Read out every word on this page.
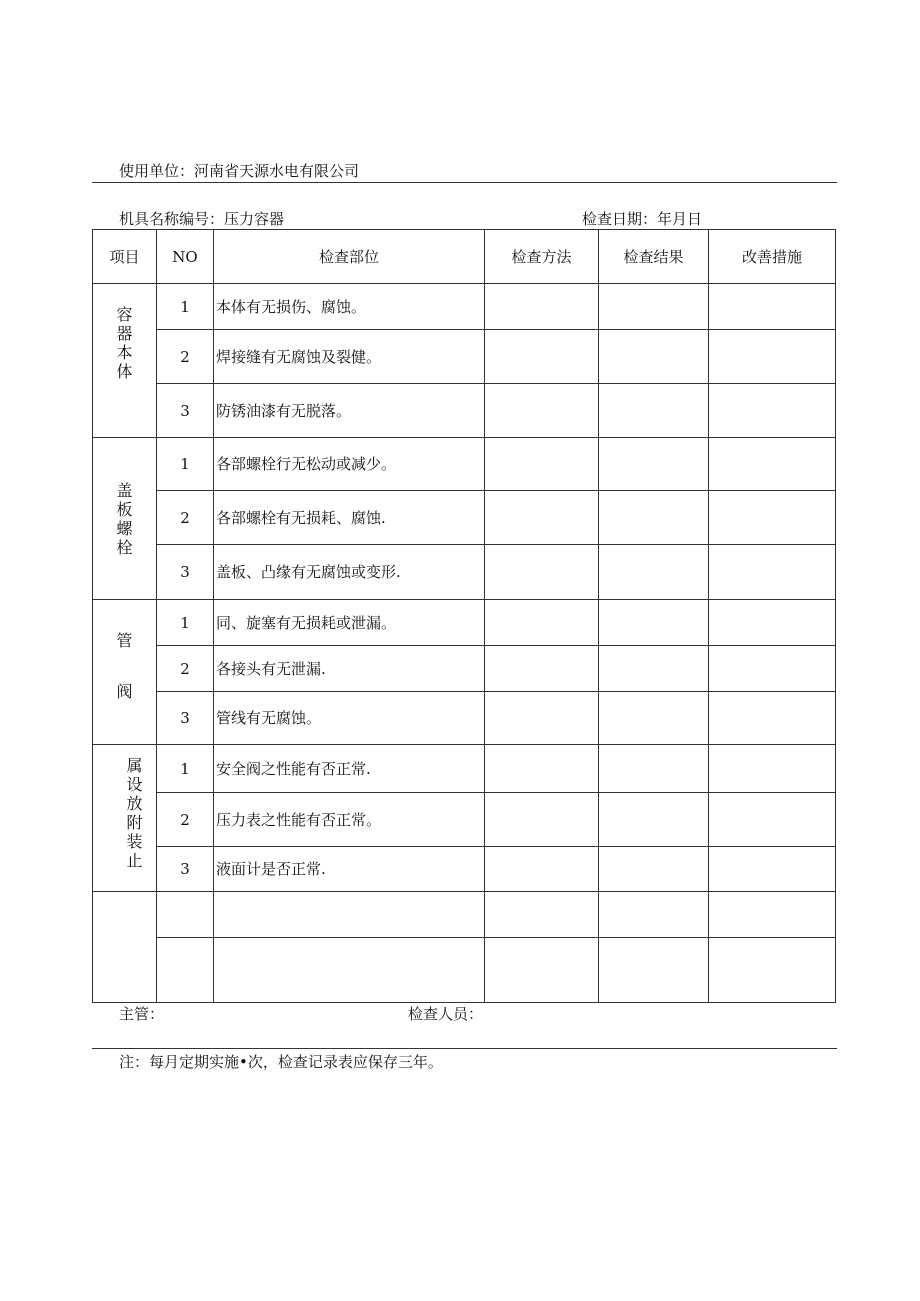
使用单位：河南省天源水电有限公司
机具名称编号：压力容器	检查日期：年月日
项目	NO	检查部位	检查方法	检查结果	改善措施
容器本体	1	本体有无损伤、腐蚀。			
	2	焊接缝有无腐蚀及裂健。			
	3	防锈油漆有无脱落。			
盖板螺栓	1	各部螺栓行无松动或减少。			
	2	各部螺栓有无损耗、腐蚀.			
	3	盖板、凸缘有无腐蚀或变形.			
管阀	1	同、旋塞有无损耗或泄漏。			
	2	各接头有无泄漏.			
	3	管线有无腐蚀。			
属设放附装止	1	安全阀之性能有否正常.			
	2	压力表之性能有否正常。			
	3	液面计是否正常.			

主管：	检查人员：
注：每月定期实施•次，检查记录表应保存三年。
